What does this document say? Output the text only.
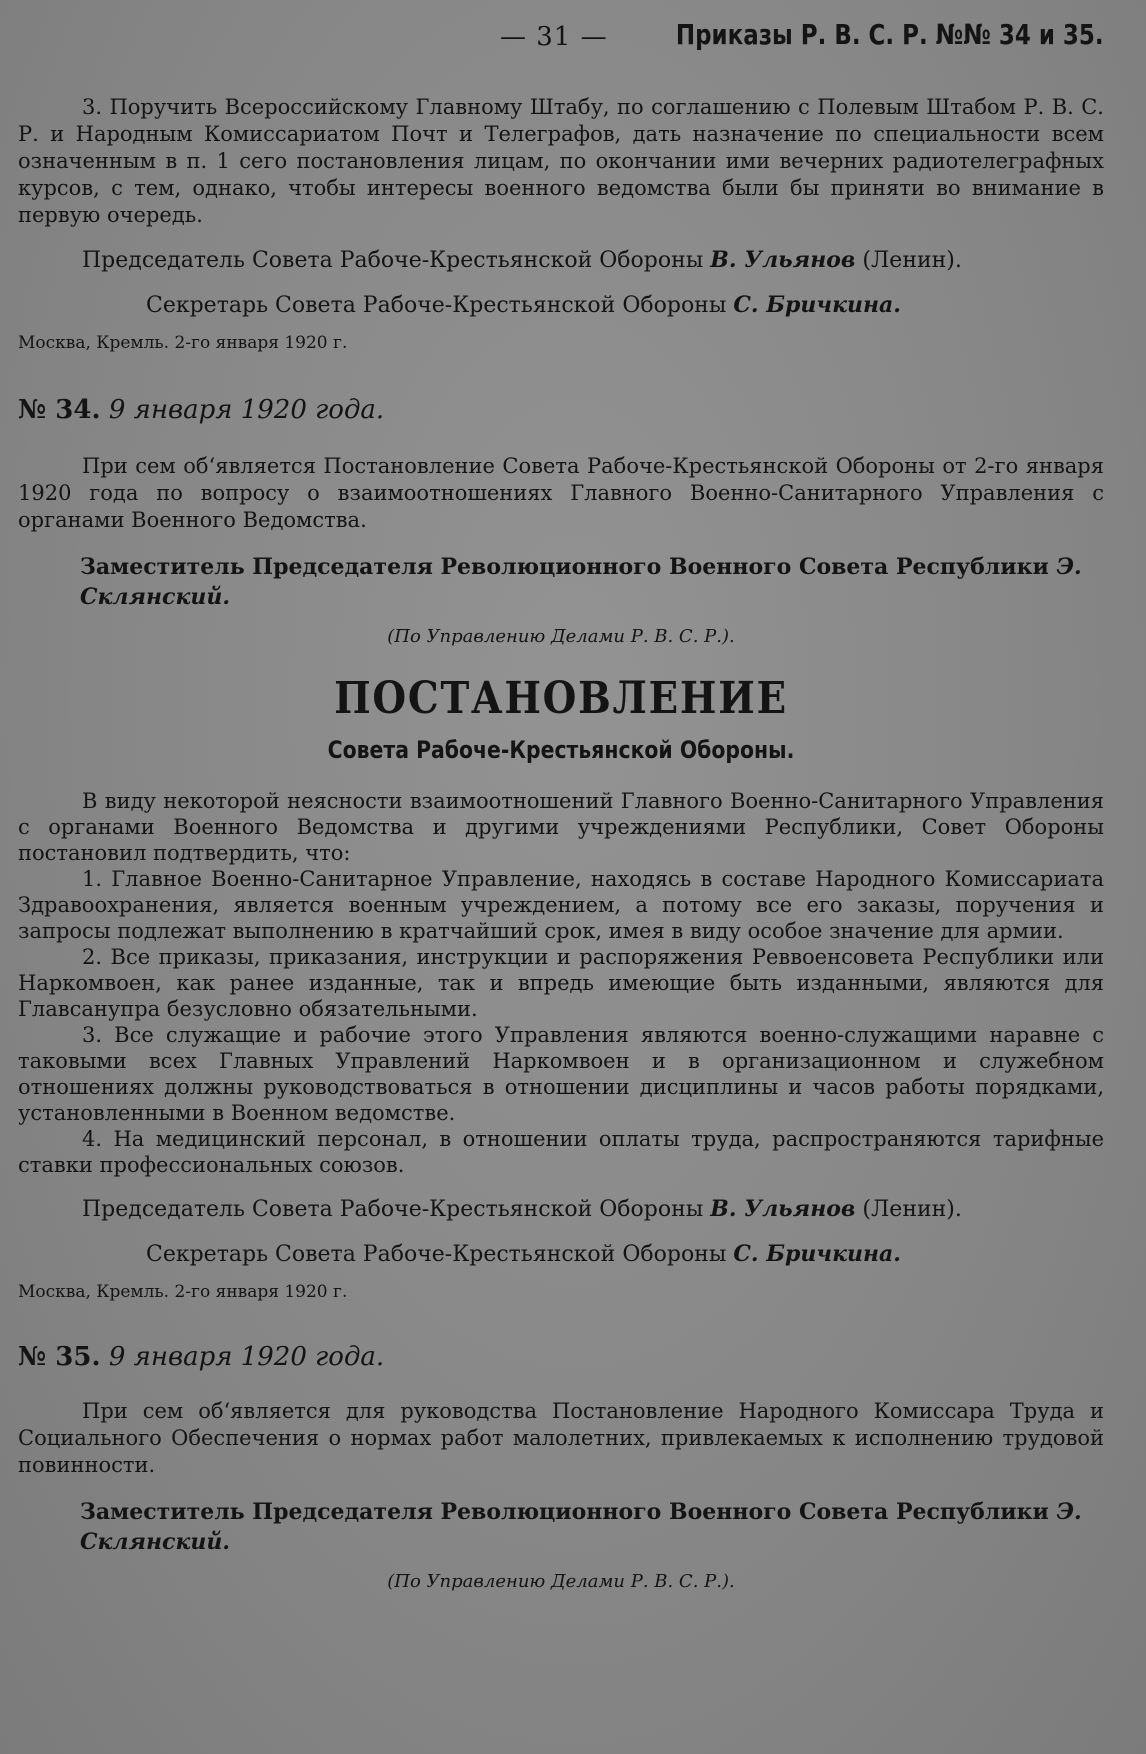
— 31 — Приказы Р. В. С. Р. №№ 34 и 35.

3. Поручить Всероссийскому Главному Штабу, по соглашению с Полевым Штабом Р. В. С. Р. и Народным Комиссариатом Почт и Телеграфов, дать назначение по специальности всем означенным в п. 1 сего постановления лицам, по окончании ими вечерних радиотелеграфных курсов, с тем, однако, чтобы интересы военного ведомства были бы приняти во внимание в первую очередь.

Председатель Совета Рабоче-Крестьянской Обороны В. Ульянов (Ленин).

Секретарь Совета Рабоче-Крестьянской Обороны С. Бричкина.

Москва, Кремль. 2-го января 1920 г.

№ 34. 9 января 1920 года.

При сем об‘является Постановление Совета Рабоче-Крестьянской Обороны от 2-го января 1920 года по вопросу о взаимоотношениях Главного Военно-Санитарного Управления с органами Военного Ведомства.

Заместитель Председателя Революционного Военного Совета Республики Э. Склянский.

(По Управлению Делами Р. В. С. Р.).

ПОСТАНОВЛЕНИЕ

Совета Рабоче-Крестьянской Обороны.

В виду некоторой неясности взаимоотношений Главного Военно-Санитарного Управления с органами Военного Ведомства и другими учреждениями Республики, Совет Обороны постановил подтвердить, что:

1. Главное Военно-Санитарное Управление, находясь в составе Народного Комиссариата Здравоохранения, является военным учреждением, а потому все его заказы, поручения и запросы подлежат выполнению в кратчайший срок, имея в виду особое значение для армии.

2. Все приказы, приказания, инструкции и распоряжения Реввоенсовета Республики или Наркомвоен, как ранее изданные, так и впредь имеющие быть изданными, являются для Главсанупра безусловно обязательными.

3. Все служащие и рабочие этого Управления являются военно-служащими наравне с таковыми всех Главных Управлений Наркомвоен и в организационном и служебном отношениях должны руководствоваться в отношении дисциплины и часов работы порядками, установленными в Военном ведомстве.

4. На медицинский персонал, в отношении оплаты труда, распространяются тарифные ставки профессиональных союзов.

Председатель Совета Рабоче-Крестьянской Обороны В. Ульянов (Ленин).

Секретарь Совета Рабоче-Крестьянской Обороны С. Бричкина.

Москва, Кремль. 2-го января 1920 г.

№ 35. 9 января 1920 года.

При сем об‘является для руководства Постановление Народного Комиссара Труда и Социального Обеспечения о нормах работ малолетних, привлекаемых к исполнению трудовой повинности.

Заместитель Председателя Революционного Военного Совета Республики Э. Склянский.

(По Управлению Делами Р. В. С. Р.).
